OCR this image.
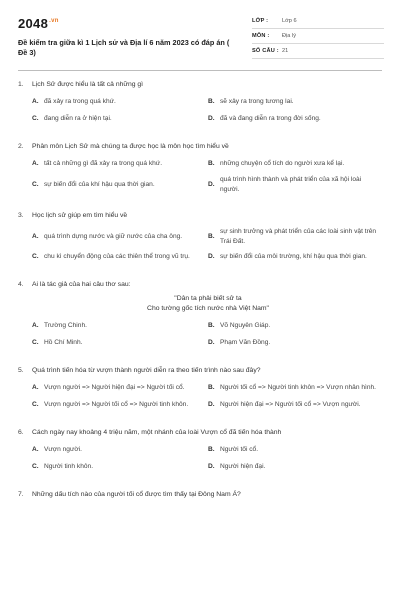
$2048^{.vn}$
Đề kiểm tra giữa kì 1 Lịch sử và Địa lí 6 năm 2023 có đáp án ( Đề 3)
LỚP :	Lớp 6
MÔN :	Địa lý
SỐ CÂU : 21
1.	Lịch Sử được hiểu là tất cả những gì
A. đã xảy ra trong quá khứ.	B. sẽ xảy ra trong tương lai.
C. đang diễn ra ở hiện tại.	D. đã và đang diễn ra trong đời sống.
2.	Phân môn Lịch Sử mà chúng ta được học là môn học tìm hiểu về
A. tất cả những gì đã xảy ra trong quá khứ.	B. những chuyện cổ tích do người xưa kể lại.
C. sự biến đổi của khí hậu qua thời gian.	D.
quá trình hình thành và phát triển của xã hội loài người.
3.	Học lịch sử giúp em tìm hiểu về
A. quá trình dựng nước và giữ nước của cha ông.	B.
sự sinh trưởng và phát triển của các loài sinh vật trên Trái Đất.
C. chu kì chuyển động của các thiên thể trong vũ trụ.	D. sự biến đổi của môi trường, khí hậu qua thời gian.
4.	Ai là tác giả của hai câu thơ sau:
"Dân ta phải biết sử ta
Cho tường gốc tích nước nhà Việt Nam"
A. Trường Chinh.	B. Võ Nguyên Giáp.
C. Hồ Chí Minh.	D. Phạm Văn Đồng.
5.	Quá trình tiến hóa từ vượn thành người diễn ra theo tiến trình nào sau đây?
A. Vượn người => Người hiện đại => Người tối cổ.	B. Người tối cổ => Người tinh khôn => Vượn nhân hình.
C. Vượn người => Người tối cổ => Người tinh khôn.	D. Người hiện đại => Người tối cổ => Vượn người.
6.	Cách ngày nay khoảng 4 triệu năm, một nhánh của loài Vượn cổ đã tiến hóa thành
A. Vượn người.	B. Người tối cổ.
C. Người tinh khôn.	D. Người hiện đại.
7.	Những dấu tích nào của người tối cổ được tìm thấy tại Đông Nam Á?
